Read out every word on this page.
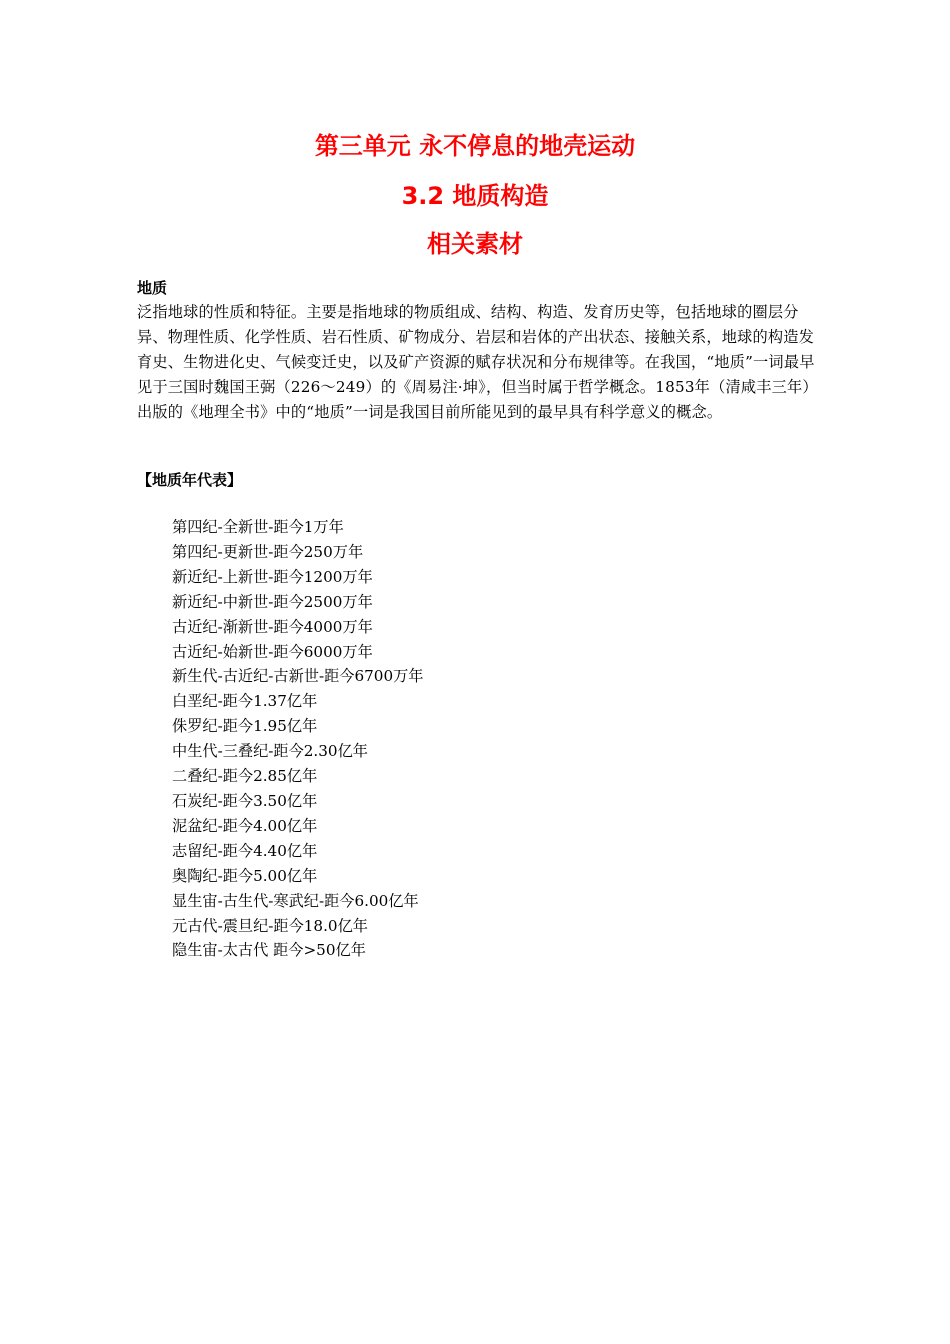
第三单元 永不停息的地壳运动

3.2 地质构造

相关素材

地质

泛指地球的性质和特征。主要是指地球的物质组成、结构、构造、发育历史等，包括地球的圈层分异、物理性质、化学性质、岩石性质、矿物成分、岩层和岩体的产出状态、接触关系，地球的构造发育史、生物进化史、气候变迁史，以及矿产资源的赋存状况和分布规律等。在我国，“地质”一词最早见于三国时魏国王弼（226～249）的《周易注·坤》，但当时属于哲学概念。1853年（清咸丰三年）出版的《地理全书》中的“地质”一词是我国目前所能见到的最早具有科学意义的概念。

【地质年代表】

第四纪-全新世-距今1万年
第四纪-更新世-距今250万年
新近纪-上新世-距今1200万年
新近纪-中新世-距今2500万年
古近纪-渐新世-距今4000万年
古近纪-始新世-距今6000万年
新生代-古近纪-古新世-距今6700万年
白垩纪-距今1.37亿年
侏罗纪-距今1.95亿年
中生代-三叠纪-距今2.30亿年
二叠纪-距今2.85亿年
石炭纪-距今3.50亿年
泥盆纪-距今4.00亿年
志留纪-距今4.40亿年
奥陶纪-距今5.00亿年
显生宙-古生代-寒武纪-距今6.00亿年
元古代-震旦纪-距今18.0亿年
隐生宙-太古代 距今>50亿年
